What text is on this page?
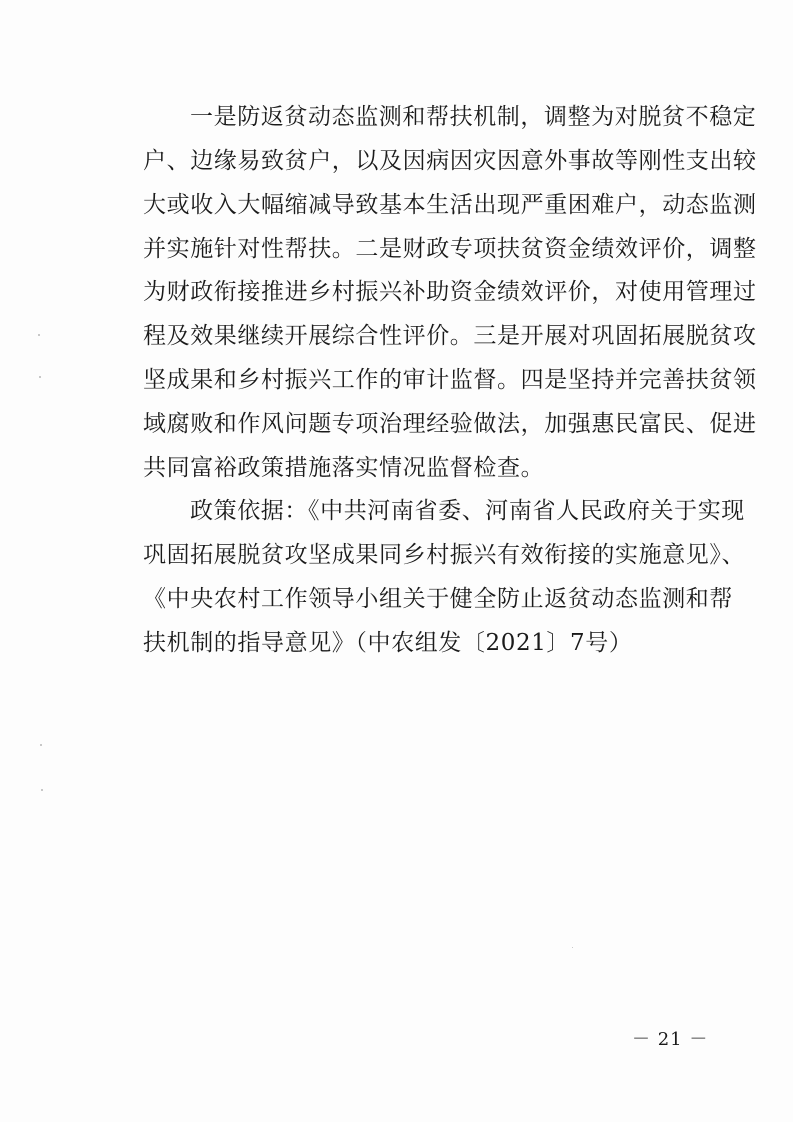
一是防返贫动态监测和帮扶机制，调整为对脱贫不稳定
户、边缘易致贫户，以及因病因灾因意外事故等刚性支出较
大或收入大幅缩减导致基本生活出现严重困难户，动态监测
并实施针对性帮扶。二是财政专项扶贫资金绩效评价，调整
为财政衔接推进乡村振兴补助资金绩效评价，对使用管理过
程及效果继续开展综合性评价。三是开展对巩固拓展脱贫攻
坚成果和乡村振兴工作的审计监督。四是坚持并完善扶贫领
域腐败和作风问题专项治理经验做法，加强惠民富民、促进
共同富裕政策措施落实情况监督检查。
政策依据：《中共河南省委、河南省人民政府关于实现
巩固拓展脱贫攻坚成果同乡村振兴有效衔接的实施意见》、
《中央农村工作领导小组关于健全防止返贫动态监测和帮
扶机制的指导意见》（中农组发〔2021〕7号）
－ 21 －
